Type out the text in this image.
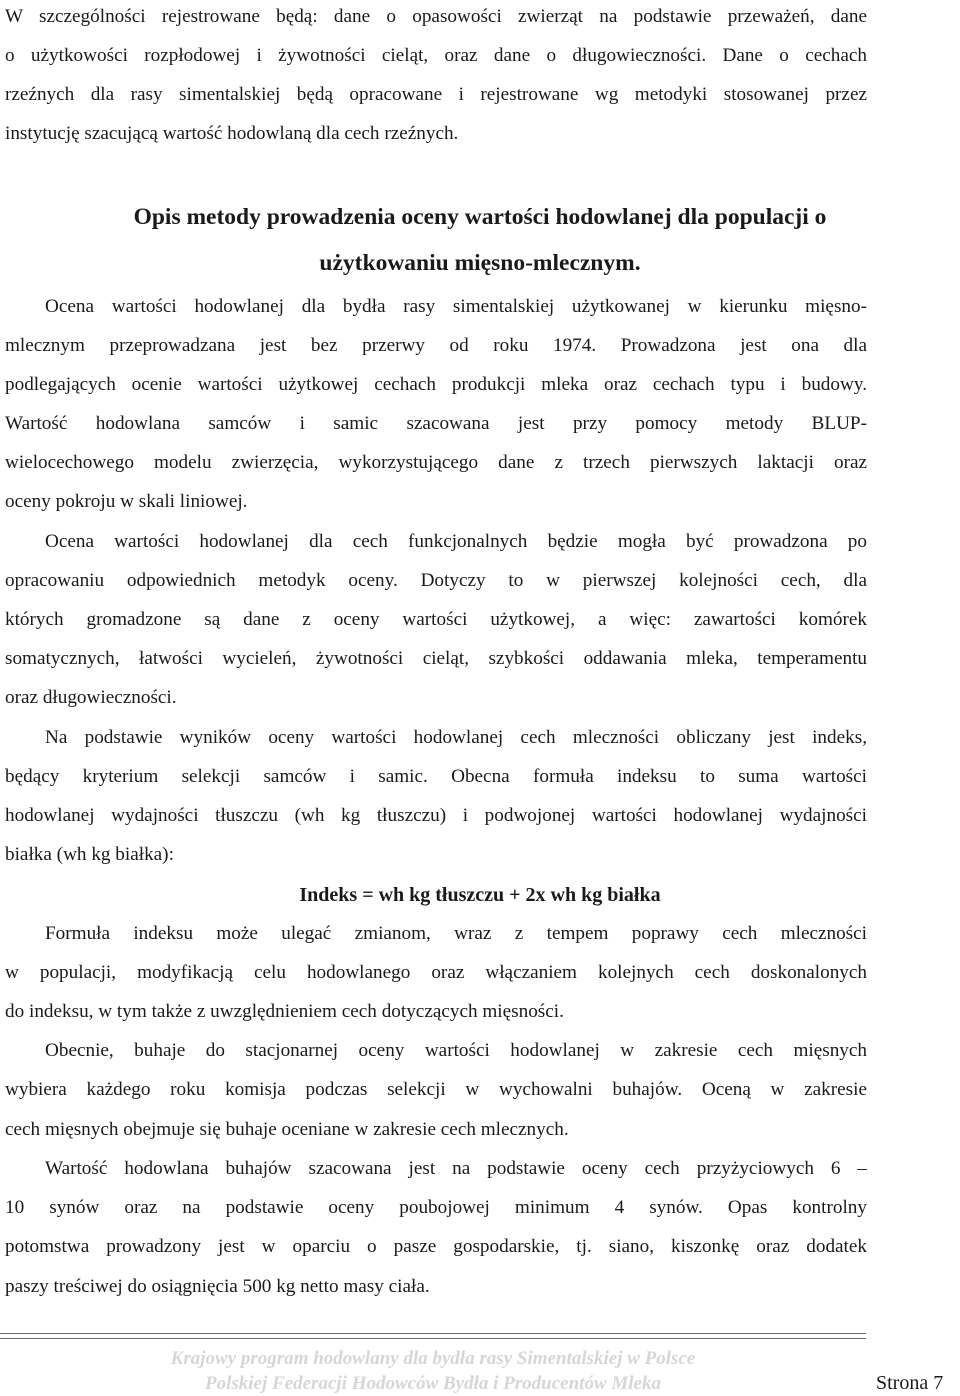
W szczególności rejestrowane będą: dane o opasowości zwierząt na podstawie przeważeń, dane
o użytkowości rozpłodowej i żywotności cieląt, oraz dane o długowieczności. Dane o cechach
rzeźnych dla rasy simentalskiej będą opracowane i rejestrowane wg metodyki stosowanej przez
instytucję szacującą wartość hodowlaną dla cech rzeźnych.
Opis metody prowadzenia oceny wartości hodowlanej dla populacji o
użytkowaniu mięsno-mlecznym.
Ocena wartości hodowlanej dla bydła rasy simentalskiej użytkowanej w kierunku mięsno-
mlecznym przeprowadzana jest bez przerwy od roku 1974. Prowadzona jest ona dla
podlegających ocenie wartości użytkowej cechach produkcji mleka oraz cechach typu i budowy.
Wartość hodowlana samców i samic szacowana jest przy pomocy metody BLUP-
wielocechowego modelu zwierzęcia, wykorzystującego dane z trzech pierwszych laktacji oraz
oceny pokroju w skali liniowej.
Ocena wartości hodowlanej dla cech funkcjonalnych będzie mogła być prowadzona po
opracowaniu odpowiednich metodyk oceny. Dotyczy to w pierwszej kolejności cech, dla
których gromadzone są dane z oceny wartości użytkowej, a więc: zawartości komórek
somatycznych, łatwości wycieleń, żywotności cieląt, szybkości oddawania mleka, temperamentu
oraz długowieczności.
Na podstawie wyników oceny wartości hodowlanej cech mleczności obliczany jest indeks,
będący kryterium selekcji samców i samic. Obecna formuła indeksu to suma wartości
hodowlanej wydajności tłuszczu (wh kg tłuszczu) i podwojonej wartości hodowlanej wydajności
białka (wh kg białka):
Indeks = wh kg tłuszczu + 2x wh kg białka
Formuła indeksu może ulegać zmianom, wraz z tempem poprawy cech mleczności
w populacji, modyfikacją celu hodowlanego oraz włączaniem kolejnych cech doskonalonych
do indeksu, w tym także z uwzględnieniem cech dotyczących mięsności.
Obecnie, buhaje do stacjonarnej oceny wartości hodowlanej w zakresie cech mięsnych
wybiera każdego roku komisja podczas selekcji w wychowalni buhajów. Oceną w zakresie
cech mięsnych obejmuje się buhaje oceniane w zakresie cech mlecznych.
Wartość hodowlana buhajów szacowana jest na podstawie oceny cech przyżyciowych 6 –
10 synów oraz na podstawie oceny poubojowej minimum 4 synów. Opas kontrolny
potomstwa prowadzony jest w oparciu o pasze gospodarskie, tj. siano, kiszonkę oraz dodatek
paszy treściwej do osiągnięcia 500 kg netto masy ciała.
Krajowy program hodowlany dla bydła rasy Simentalskiej w Polsce
Polskiej Federacji Hodowców Bydła i Producentów Mleka	Strona 7
